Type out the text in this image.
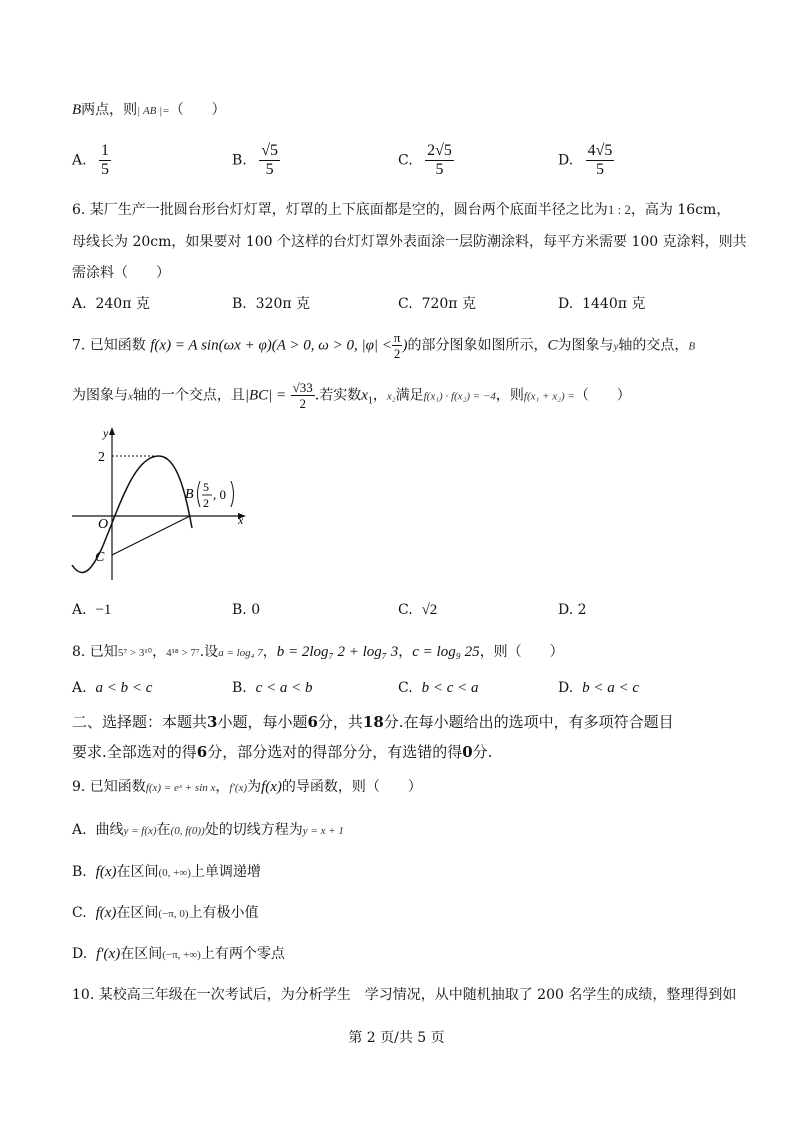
B两点，则| AB |=（　　）
A. $\frac{1}{5}$	B. $\frac{√5}{5}$	C. $\frac{2√5}{5}$	D. $\frac{4√5}{5}$
6. 某厂生产一批圆台形台灯灯罩，灯罩的上下底面都是空的，圆台两个底面半径之比为1 : 2，高为 16cm，
母线长为 20cm，如果要对 100 个这样的台灯灯罩外表面涂一层防潮涂料，每平方米需要 100 克涂料，则共
需涂料（　　）
A. 240π 克	B. 320π 克	C. 720π 克	D. 1440π 克
7. 已知函数 f(x) = A sin(ωx + φ)(A > 0, ω > 0, $|\varphi| < \frac{\pi}{2}$ )的部分图象如图所示，C为图象与y轴的交点，B
为图象与x轴的一个交点，且$|BC| = \frac{√33}{2}$ .若实数$x_1$，x₂满足f(x₁) · f(x₂) = −4，则f(x₁ + x₂) =（　　）
y
x
2
O
C
B 5
2
, 0
A. −1	B. 0	C. √2	D. 2
8. 已知5⁷ > 3¹⁰，4¹⁸ > 7⁷.设a = log₄ 7，b = 2log₇ 2 + log₇ 3，c = log₉ 25，则（　　）
A. a < b < c	B. c < a < b	C. b < c < a	D. b < a < c
二、选择题：本题共3小题，每小题6分，共18分.在每小题给出的选项中，有多项符合题目
要求.全部选对的得6分，部分选对的得部分分，有选错的得0分.
9. 已知函数f(x) = eˣ + sin x，f′(x)为f(x)的导函数，则（　　）
A. 曲线y = f(x)在(0, f(0))处的切线方程为y = x + 1
B. f(x)在区间(0, +∞)上单调递增
C. f(x)在区间(−π, 0)上有极小值
D. f′(x)在区间(−π, +∞)上有两个零点
10. 某校高三年级在一次考试后，为分析学生　学习情况，从中随机抽取了 200 名学生的成绩，整理得到如
第 2 页/共 5 页
